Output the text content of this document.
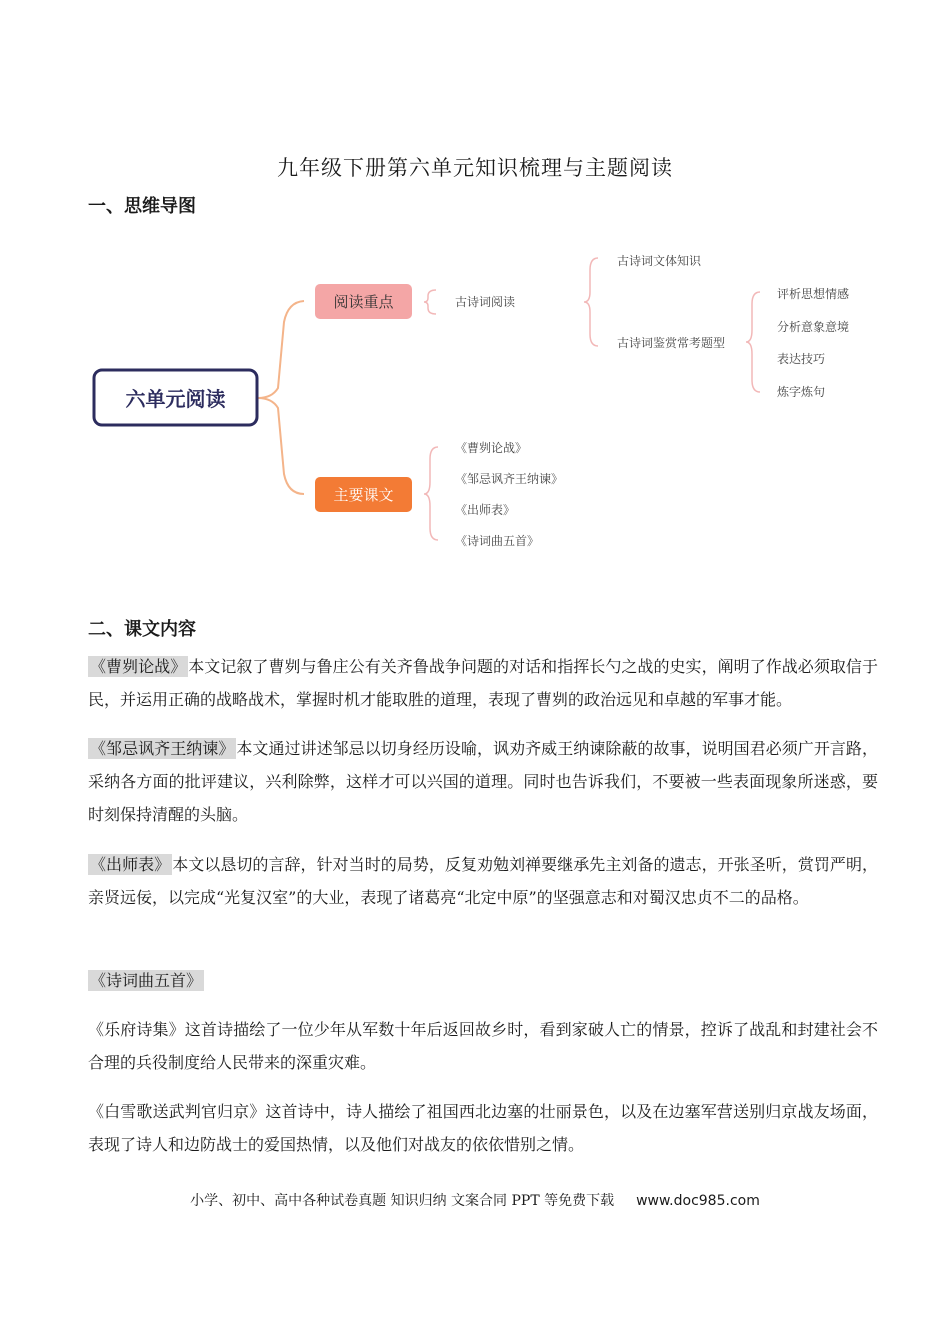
九年级下册第六单元知识梳理与主题阅读
一、思维导图
六单元阅读
阅读重点
主要课文
古诗词阅读
古诗词文体知识
古诗词鉴赏常考题型
评析思想情感
分析意象意境
表达技巧
炼字炼句
《曹刿论战》
《邹忌讽齐王纳谏》
《出师表》
《诗词曲五首》
二、课文内容
《曹刿论战》 本文记叙了曹刿与鲁庄公有关齐鲁战争问题的对话和指挥长勺之战的史实，阐明了作战必须取信于民，并运用正确的战略战术，掌握时机才能取胜的道理，表现了曹刿的政治远见和卓越的军事才能。
《邹忌讽齐王纳谏》 本文通过讲述邹忌以切身经历设喻，讽劝齐威王纳谏除蔽的故事，说明国君必须广开言路，采纳各方面的批评建议，兴利除弊，这样才可以兴国的道理。同时也告诉我们，不要被一些表面现象所迷惑，要时刻保持清醒的头脑。
《出师表》 本文以恳切的言辞，针对当时的局势，反复劝勉刘禅要继承先主刘备的遗志，开张圣听，赏罚严明，亲贤远佞，以完成“光复汉室”的大业，表现了诸葛亮“北定中原”的坚强意志和对蜀汉忠贞不二的品格。
《诗词曲五首》
《乐府诗集》这首诗描绘了一位少年从军数十年后返回故乡时，看到家破人亡的情景，控诉了战乱和封建社会不合理的兵役制度给人民带来的深重灾难。
《白雪歌送武判官归京》这首诗中，诗人描绘了祖国西北边塞的壮丽景色，以及在边塞军营送别归京战友场面，表现了诗人和边防战士的爱国热情，以及他们对战友的依依惜别之情。
小学、初中、高中各种试卷真题 知识归纳 文案合同 PPT 等免费下载 www.doc985.com
